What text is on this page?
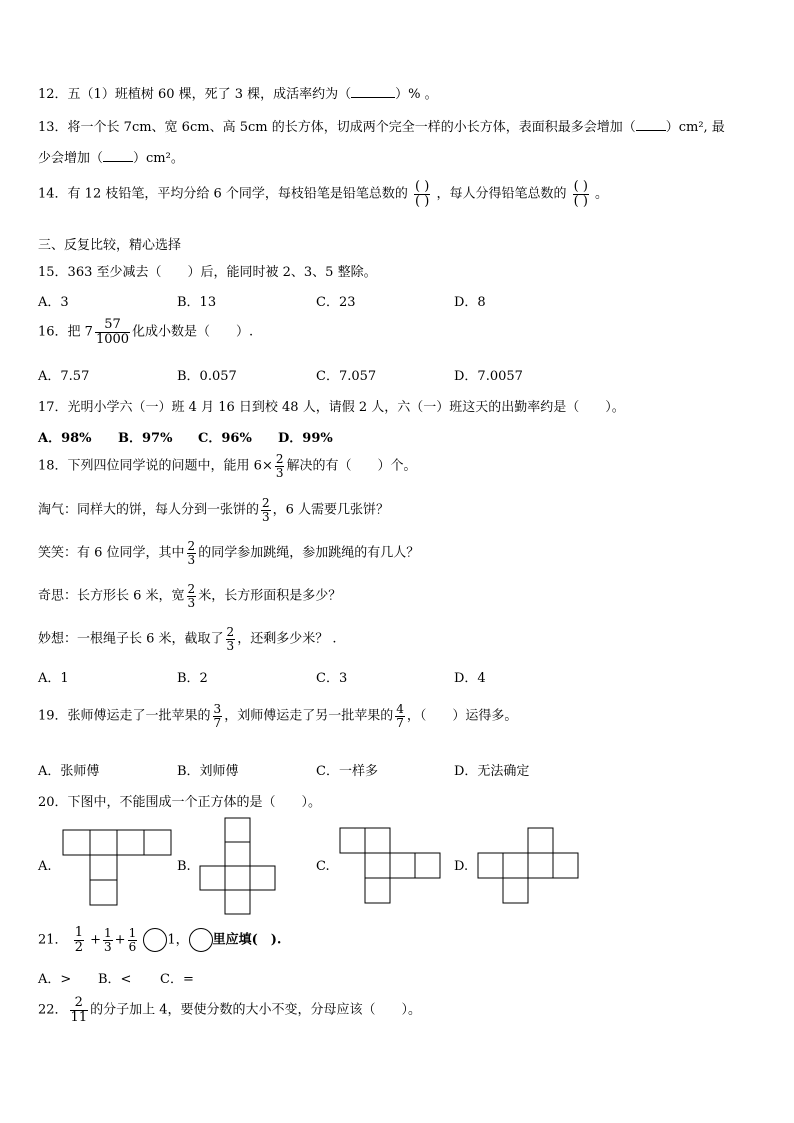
12．五（1）班植树 60 棵，死了 3 棵，成活率约为（	）% 。
13．将一个长 7cm、宽 6cm、高 5cm 的长方体，切成两个完全一样的小长方体，表面积最多会增加（ ）cm², 最
少会增加（ ）cm²。
14．有 12 枝铅笔，平均分给 6 个同学，每枝铅笔是铅笔总数的 $\frac{( )}{( )}$ ，每人分得铅笔总数的 $\frac{( )}{( )}$ 。
三、反复比较，精心选择
15．363 至少减去（　　）后，能同时被 2、3、5 整除。
A．3	B．13	C．23	D．8
16．把 $7 \frac{57}{1000}$ 化成小数是（　　）.
A．7.57	B．0.057	C．7.057	D．7.0057
17．光明小学六（一）班 4 月 16 日到校 48 人，请假 2 人，六（一）班这天的出勤率约是（　　）。
A．98% B．97% C．96% D．99%
18．下列四位同学说的问题中，能用 $6\times \frac{2}{3}$ 解决的有（　　）个。
淘气：同样大的饼，每人分到一张饼的 $\frac{2}{3}$ ，6 人需要几张饼？
笑笑：有 6 位同学，其中 $\frac{2}{3}$ 的同学参加跳绳，参加跳绳的有几人？
奇思：长方形长 6 米，宽 $\frac{2}{3}$ 米，长方形面积是多少？
妙想：一根绳子长 6 米，截取了 $\frac{2}{3}$ ，还剩多少米？ .
A．1	B．2	C．3	D．4
19．张师傅运走了一批苹果的 $\frac{3}{7}$ ，刘师傅运走了另一批苹果的 $\frac{4}{7}$ ，（　　）运得多。
A．张师傅	B．刘师傅	C．一样多	D．无法确定
20．下图中，不能围成一个正方体的是（　　）。
A.	B.	C.	D.
21． $\frac{1}{2} + \frac{1}{3} + \frac{1}{6} 1$， 里应填(　).
A．> B．< C．=
22． $\frac{2}{11}$ 的分子加上 4，要使分数的大小不变，分母应该（　　）。
